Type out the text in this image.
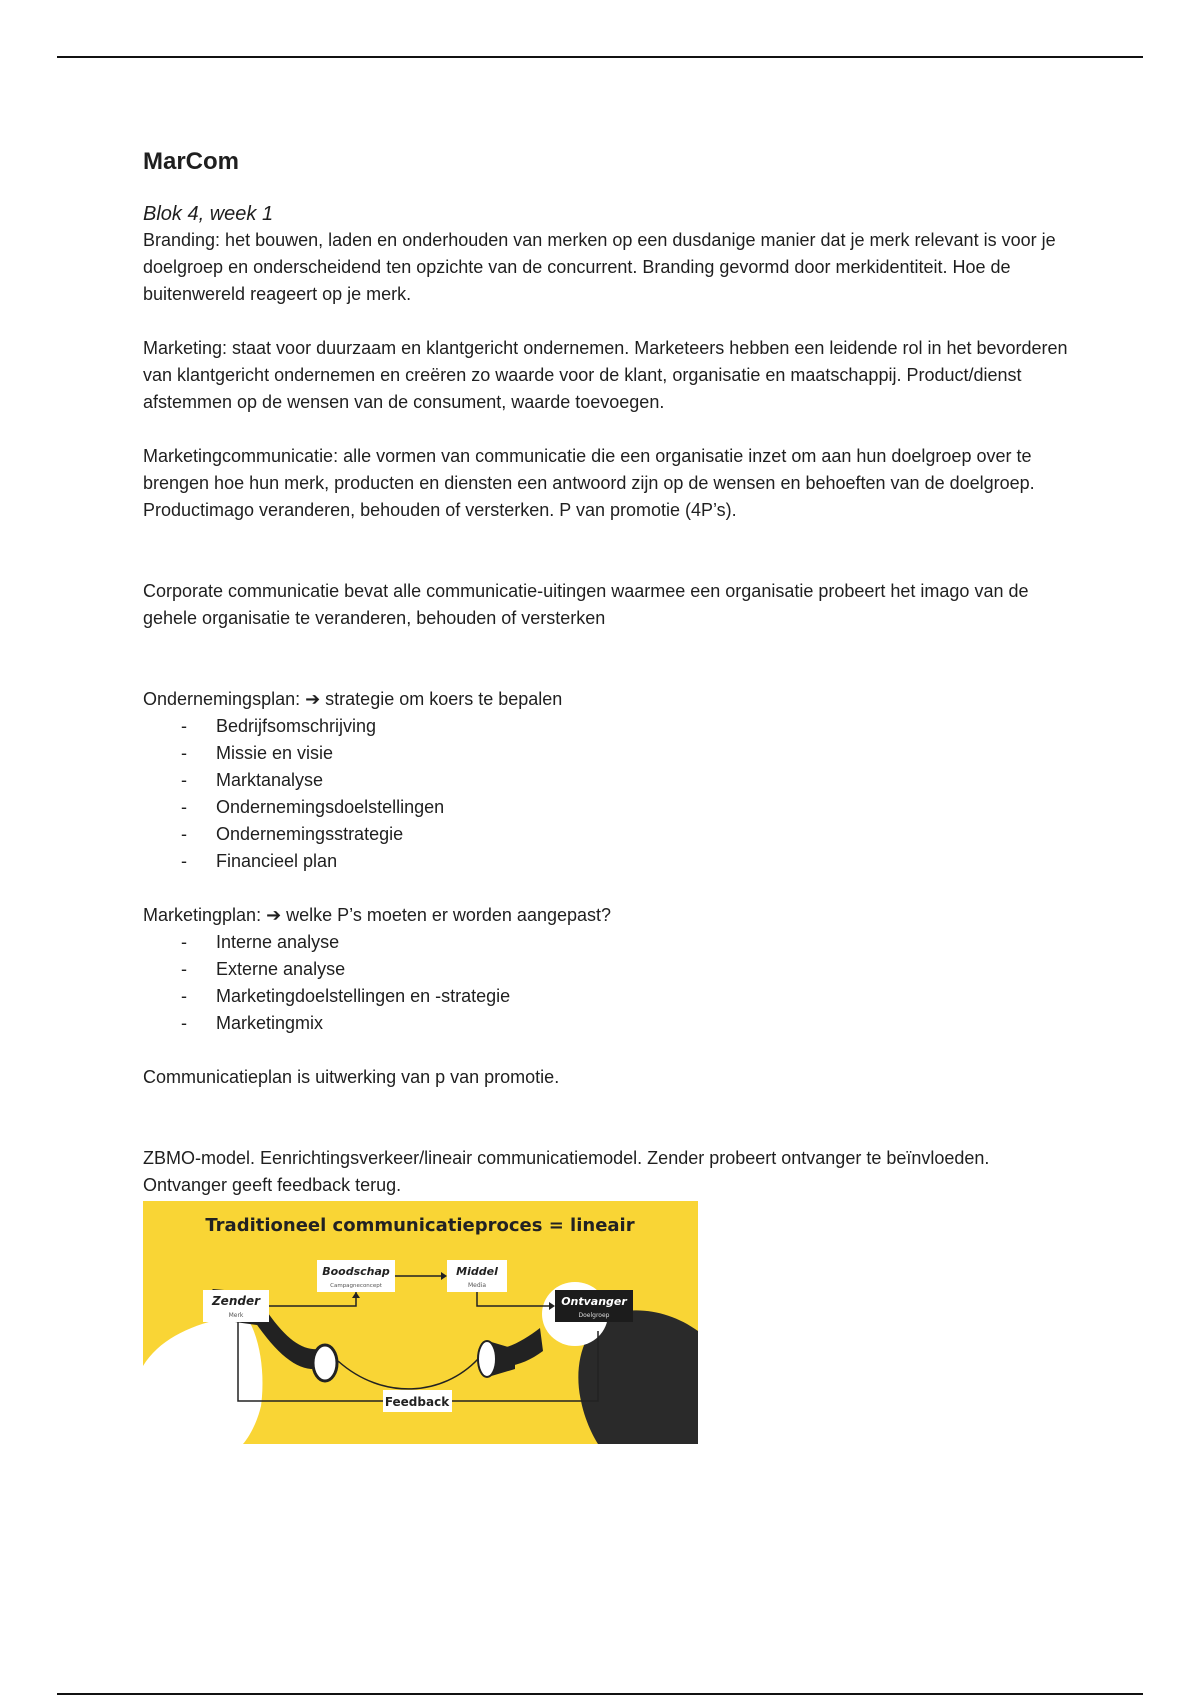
MarCom
Blok 4, week 1

Branding: het bouwen, laden en onderhouden van merken op een dusdanige manier dat je merk relevant is voor je doelgroep en onderscheidend ten opzichte van de concurrent. Branding gevormd door merkidentiteit. Hoe de buitenwereld reageert op je merk.

Marketing: staat voor duurzaam en klantgericht ondernemen. Marketeers hebben een leidende rol in het bevorderen van klantgericht ondernemen en creëren zo waarde voor de klant, organisatie en maatschappij. Product/dienst afstemmen op de wensen van de consument, waarde toevoegen.

Marketingcommunicatie: alle vormen van communicatie die een organisatie inzet om aan hun doelgroep over te brengen hoe hun merk, producten en diensten een antwoord zijn op de wensen en behoeften van de doelgroep. Productimago veranderen, behouden of versterken. P van promotie (4P’s).

Corporate communicatie bevat alle communicatie-uitingen waarmee een organisatie probeert het imago van de gehele organisatie te veranderen, behouden of versterken

Ondernemingsplan: ➔ strategie om koers te bepalen

- Bedrijfsomschrijving
- Missie en visie
- Marktanalyse
- Ondernemingsdoelstellingen
- Ondernemingsstrategie
- Financieel plan

Marketingplan: ➔ welke P’s moeten er worden aangepast?

- Interne analyse
- Externe analyse
- Marketingdoelstellingen en -strategie
- Marketingmix

Communicatieplan is uitwerking van p van promotie.

ZBMO-model. Eenrichtingsverkeer/lineair communicatiemodel. Zender probeert ontvanger te beïnvloeden. Ontvanger geeft feedback terug.

Traditioneel communicatieproces = lineair
Feedback
Zender
Merk
Boodschap
Campagneconcept
Middel
Media
Ontvanger
Doelgroep
